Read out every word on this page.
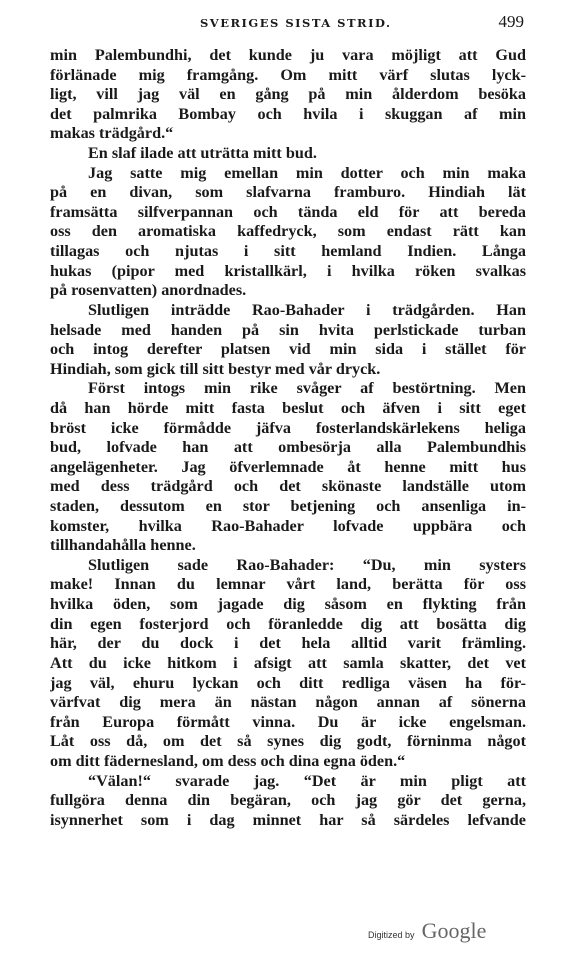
SVERIGES SISTA STRID.	499
min Palembundhi, det kunde ju vara möjligt att Gud
förlänade mig framgång. Om mitt värf slutas lyck-
ligt, vill jag väl en gång på min ålderdom besöka
det palmrika Bombay och hvila i skuggan af min
makas trädgård.“
En slaf ilade att uträtta mitt bud.
Jag satte mig emellan min dotter och min maka
på en divan, som slafvarna framburo. Hindiah lät
framsätta silfverpannan och tända eld för att bereda
oss den aromatiska kaffedryck, som endast rätt kan
tillagas och njutas i sitt hemland Indien. Långa
hukas (pipor med kristallkärl, i hvilka röken svalkas
på rosenvatten) anordnades.
Slutligen inträdde Rao-Bahader i trädgården. Han
helsade med handen på sin hvita perlstickade turban
och intog derefter platsen vid min sida i stället för
Hindiah, som gick till sitt bestyr med vår dryck.
Först intogs min rike svåger af bestörtning. Men
då han hörde mitt fasta beslut och äfven i sitt eget
bröst icke förmådde jäfva fosterlandskärlekens heliga
bud, lofvade han att ombesörja alla Palembundhis
angelägenheter. Jag öfverlemnade åt henne mitt hus
med dess trädgård och det skönaste landställe utom
staden, dessutom en stor betjening och ansenliga in-
komster, hvilka Rao-Bahader lofvade uppbära och
tillhandahålla henne.
Slutligen sade Rao-Bahader: “Du, min systers
make! Innan du lemnar vårt land, berätta för oss
hvilka öden, som jagade dig såsom en flykting från
din egen fosterjord och föranledde dig att bosätta dig
här, der du dock i det hela alltid varit främling.
Att du icke hitkom i afsigt att samla skatter, det vet
jag väl, ehuru lyckan och ditt redliga väsen ha för-
värfvat dig mera än nästan någon annan af sönerna
från Europa förmått vinna. Du är icke engelsman.
Låt oss då, om det så synes dig godt, förninma något
om ditt fädernesland, om dess och dina egna öden.“
“Välan!“ svarade jag. “Det är min pligt att
fullgöra denna din begäran, och jag gör det gerna,
isynnerhet som i dag minnet har så särdeles lefvande
Digitized by Google
